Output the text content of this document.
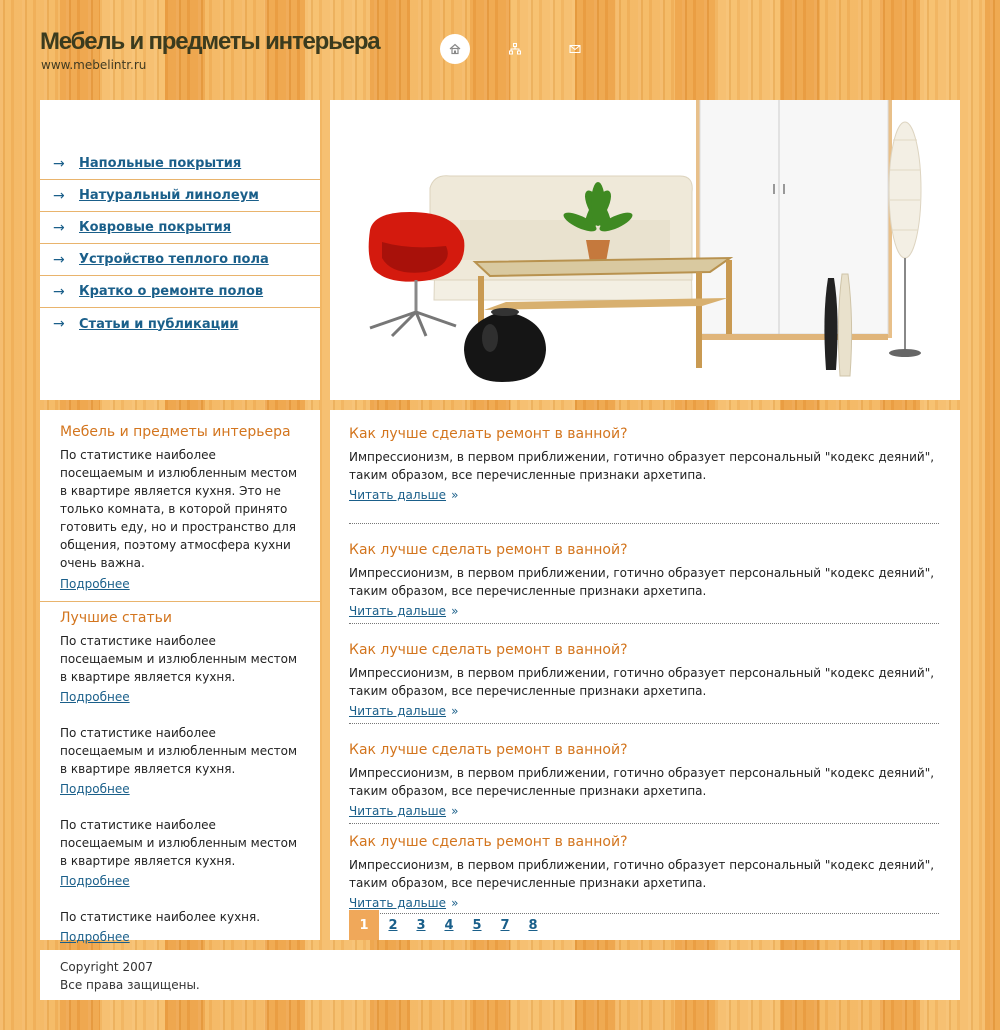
Мебель и предметы интерьера
www.mebelintr.ru
→	Напольные покрытия
→	Натуральный линолеум
→	Ковровые покрытия
→	Устройство теплого пола
→	Кратко о ремонте полов
→	Статьи и публикации
Мебель и предметы интерьера

По статистике наиболее посещаемым и излюбленным местом в квартире является кухня. Это не только комната, в которой принято готовить еду, но и пространство для общения, поэтому атмосфера кухни очень важна.

Подробнее
Лучшие статьи

По статистике наиболее посещаемым и излюбленным местом в квартире является кухня.

Подробнее

По статистике наиболее посещаемым и излюбленным местом в квартире является кухня.

Подробнее

По статистике наиболее посещаемым и излюбленным местом в квартире является кухня.

Подробнее

По статистике наиболее кухня.

Подробнее
Как лучше сделать ремонт в ванной?

Импрессионизм, в первом приближении, готично образует персональный "кодекс деяний", таким образом, все перечисленные признаки архетипа.

Читать дальше »
Как лучше сделать ремонт в ванной?

Импрессионизм, в первом приближении, готично образует персональный "кодекс деяний", таким образом, все перечисленные признаки архетипа.

Читать дальше »
Как лучше сделать ремонт в ванной?

Импрессионизм, в первом приближении, готично образует персональный "кодекс деяний", таким образом, все перечисленные признаки архетипа.

Читать дальше »
Как лучше сделать ремонт в ванной?

Импрессионизм, в первом приближении, готично образует персональный "кодекс деяний", таким образом, все перечисленные признаки архетипа.

Читать дальше »
Как лучше сделать ремонт в ванной?

Импрессионизм, в первом приближении, готично образует персональный "кодекс деяний", таким образом, все перечисленные признаки архетипа.

Читать дальше »
1	2	3	4	5	7	8
Copyright 2007
Все права защищены.
